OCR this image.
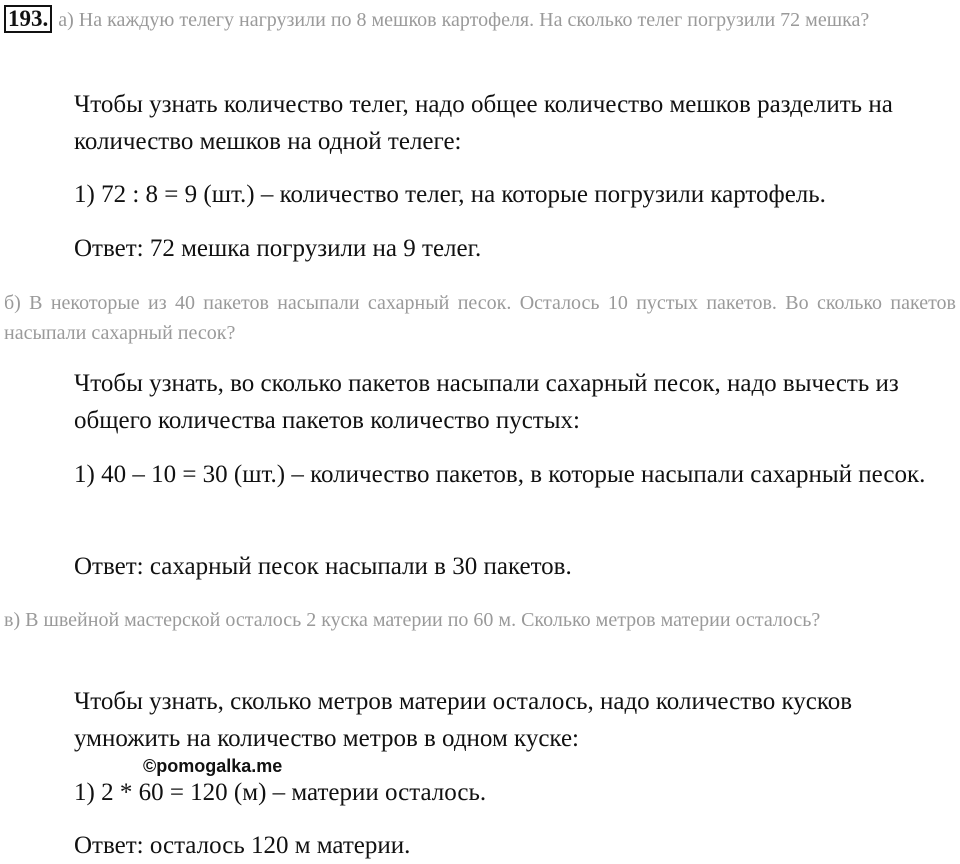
193. а) На каждую телегу нагрузили по 8 мешков картофеля. На сколько телег погрузили 72 мешка?

Чтобы узнать количество телег, надо общее количество мешков разделить на количество мешков на одной телеге:

1) 72 : 8 = 9 (шт.) – количество телег, на которые погрузили картофель.

Ответ: 72 мешка погрузили на 9 телег.

б) В некоторые из 40 пакетов насыпали сахарный песок. Осталось 10 пустых пакетов. Во сколько пакетов насыпали сахарный песок?

Чтобы узнать, во сколько пакетов насыпали сахарный песок, надо вычесть из общего количества пакетов количество пустых:

1) 40 – 10 = 30 (шт.) – количество пакетов, в которые насыпали сахарный песок.

Ответ: сахарный песок насыпали в 30 пакетов.

в) В швейной мастерской осталось 2 куска материи по 60 м. Сколько метров материи осталось?

Чтобы узнать, сколько метров материи осталось, надо количество кусков умножить на количество метров в одном куске:

1) 2 * 60 = 120 (м) – материи осталось.

Ответ: осталось 120 м материи.

©pomogalka.me
